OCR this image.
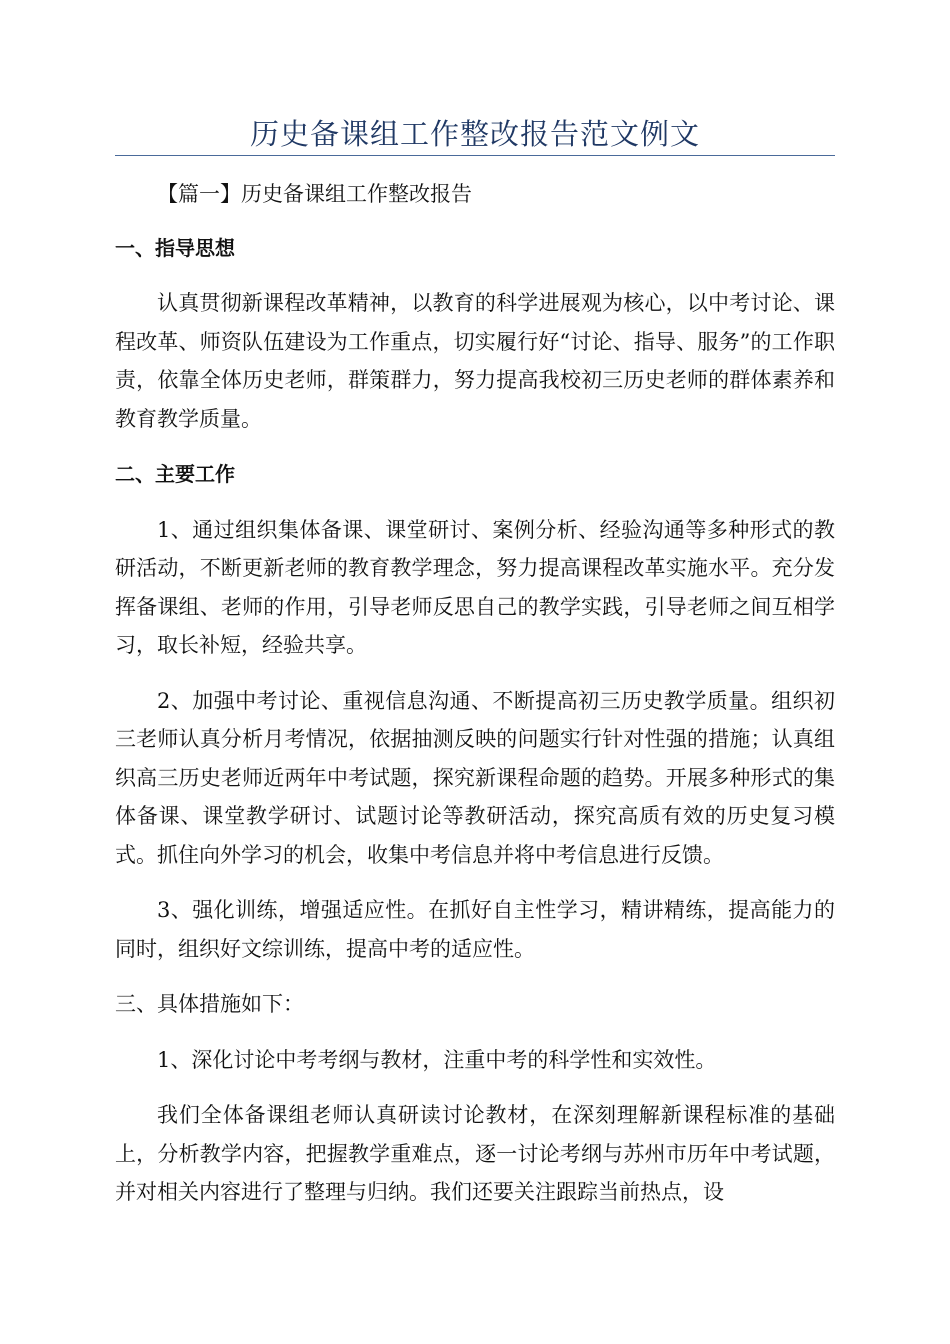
历史备课组工作整改报告范文例文

【篇一】历史备课组工作整改报告

一、指导思想

认真贯彻新课程改革精神，以教育的科学进展观为核心，以中考讨论、课程改革、师资队伍建设为工作重点，切实履行好“讨论、指导、服务”的工作职责，依靠全体历史老师，群策群力，努力提高我校初三历史老师的群体素养和教育教学质量。

二、主要工作

1、通过组织集体备课、课堂研讨、案例分析、经验沟通等多种形式的教研活动，不断更新老师的教育教学理念，努力提高课程改革实施水平。充分发挥备课组、老师的作用，引导老师反思自己的教学实践，引导老师之间互相学习，取长补短，经验共享。

2、加强中考讨论、重视信息沟通、不断提高初三历史教学质量。组织初三老师认真分析月考情况，依据抽测反映的问题实行针对性强的措施；认真组织高三历史老师近两年中考试题，探究新课程命题的趋势。开展多种形式的集体备课、课堂教学研讨、试题讨论等教研活动，探究高质有效的历史复习模式。抓住向外学习的机会，收集中考信息并将中考信息进行反馈。

3、强化训练，增强适应性。在抓好自主性学习，精讲精练，提高能力的同时，组织好文综训练，提高中考的适应性。

三、具体措施如下：

1、深化讨论中考考纲与教材，注重中考的科学性和实效性。

我们全体备课组老师认真研读讨论教材，在深刻理解新课程标准的基础上，分析教学内容，把握教学重难点，逐一讨论考纲与苏州市历年中考试题，并对相关内容进行了整理与归纳。我们还要关注跟踪当前热点，设
